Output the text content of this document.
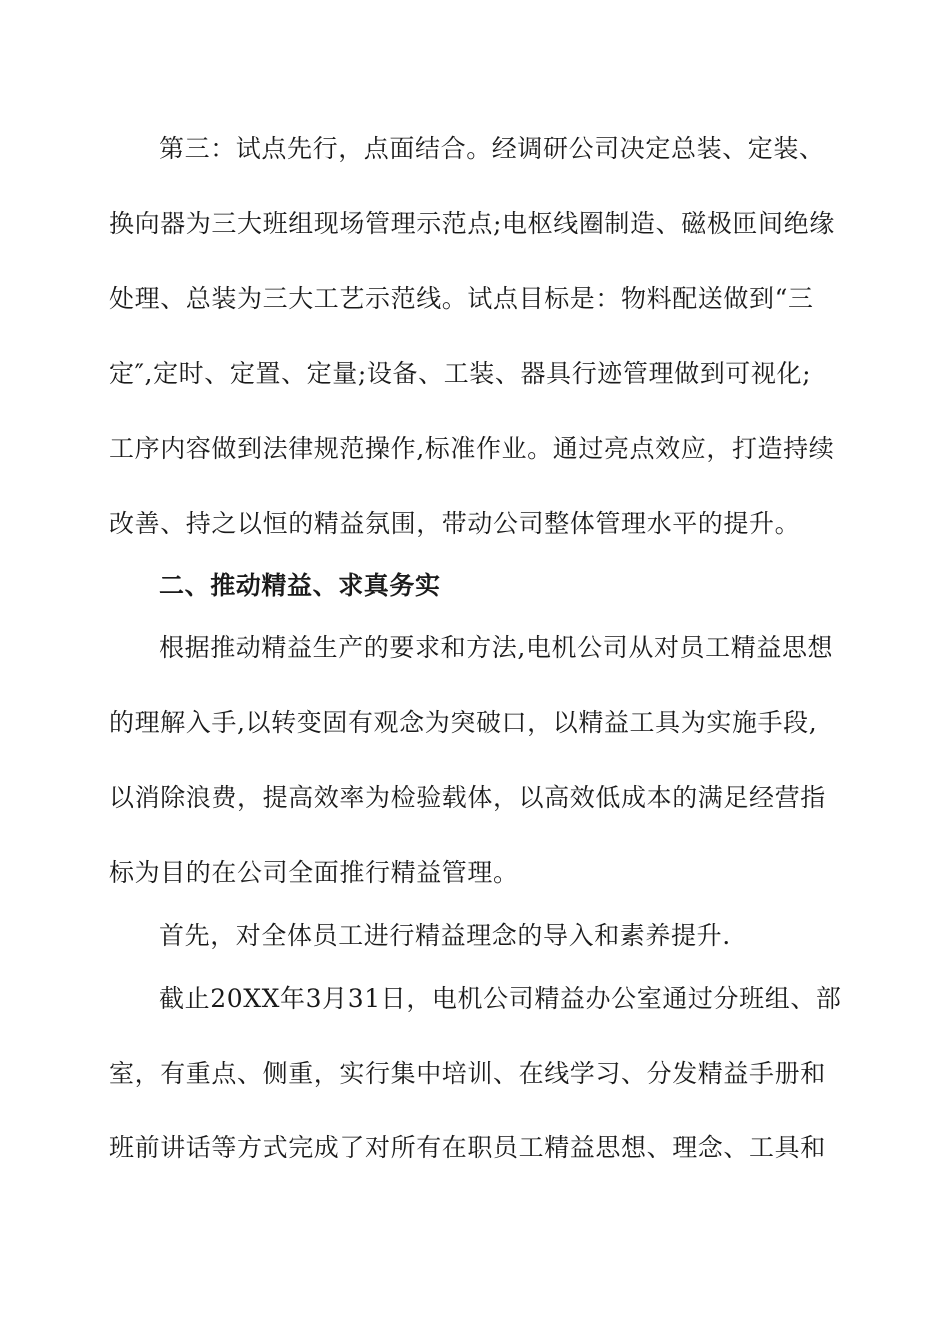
第三：试点先行，点面结合。经调研公司决定总装、定装、
换向器为三大班组现场管理示范点;电枢线圈制造、磁极匝间绝缘
处理、总装为三大工艺示范线。试点目标是：物料配送做到“三
定″,定时、定置、定量;设备、工装、器具行迹管理做到可视化;
工序内容做到法律规范操作,标准作业。通过亮点效应，打造持续
改善、持之以恒的精益氛围，带动公司整体管理水平的提升。
二、推动精益、求真务实
根据推动精益生产的要求和方法,电机公司从对员工精益思想
的理解入手,以转变固有观念为突破口，以精益工具为实施手段,
以消除浪费，提高效率为检验载体，以高效低成本的满足经营指
标为目的在公司全面推行精益管理。
首先，对全体员工进行精益理念的导入和素养提升.
截止20XX年3月31日，电机公司精益办公室通过分班组、部
室，有重点、侧重，实行集中培训、在线学习、分发精益手册和
班前讲话等方式完成了对所有在职员工精益思想、理念、工具和
